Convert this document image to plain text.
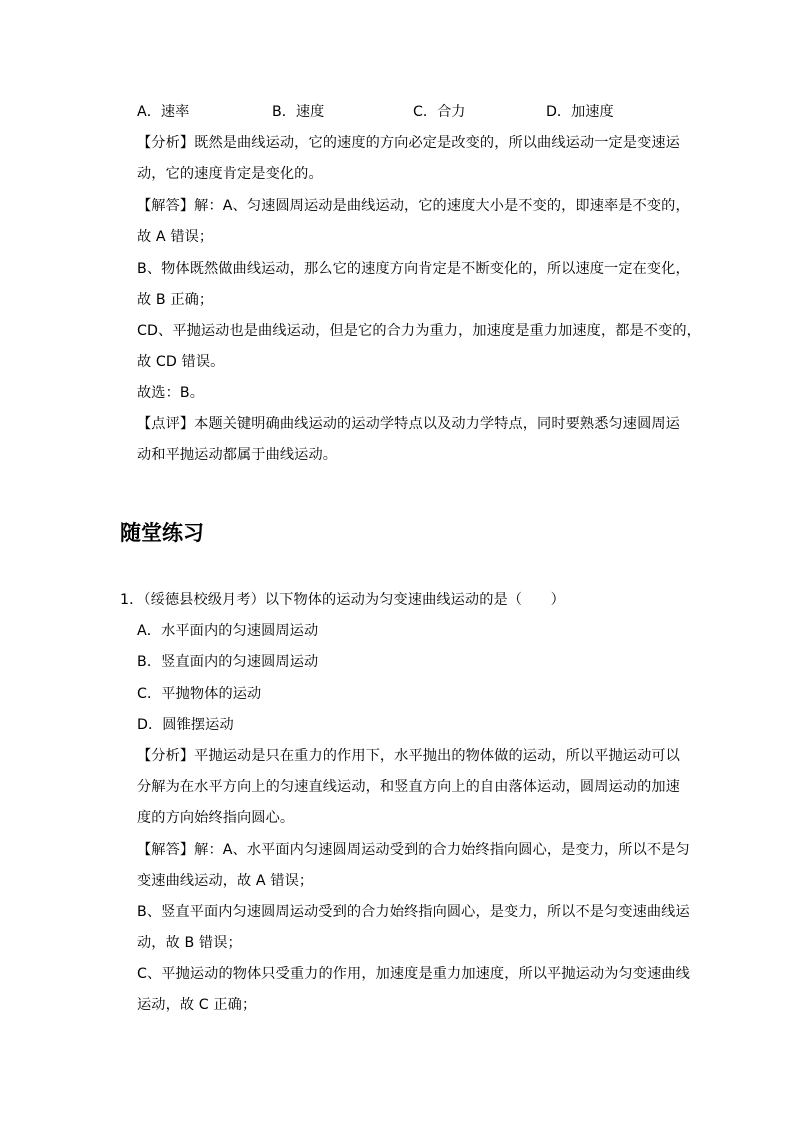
A．速率	B．速度	C．合力	D．加速度
【分析】既然是曲线运动，它的速度的方向必定是改变的，所以曲线运动一定是变速运
动，它的速度肯定是变化的。
【解答】解：A、匀速圆周运动是曲线运动，它的速度大小是不变的，即速率是不变的，
故 A 错误；
B、物体既然做曲线运动，那么它的速度方向肯定是不断变化的，所以速度一定在变化，
故 B 正确；
CD、平抛运动也是曲线运动，但是它的合力为重力，加速度是重力加速度，都是不变的，
故 CD 错误。
故选：B。
【点评】本题关键明确曲线运动的运动学特点以及动力学特点，同时要熟悉匀速圆周运
动和平抛运动都属于曲线运动。
随堂练习
1．（绥德县校级月考）以下物体的运动为匀变速曲线运动的是（　　）
A．水平面内的匀速圆周运动
B．竖直面内的匀速圆周运动
C．平抛物体的运动
D．圆锥摆运动
【分析】平抛运动是只在重力的作用下，水平抛出的物体做的运动，所以平抛运动可以
分解为在水平方向上的匀速直线运动，和竖直方向上的自由落体运动，圆周运动的加速
度的方向始终指向圆心。
【解答】解：A、水平面内匀速圆周运动受到的合力始终指向圆心，是变力，所以不是匀
变速曲线运动，故 A 错误；
B、竖直平面内匀速圆周运动受到的合力始终指向圆心，是变力，所以不是匀变速曲线运
动，故 B 错误；
C、平抛运动的物体只受重力的作用，加速度是重力加速度，所以平抛运动为匀变速曲线
运动，故 C 正确；
